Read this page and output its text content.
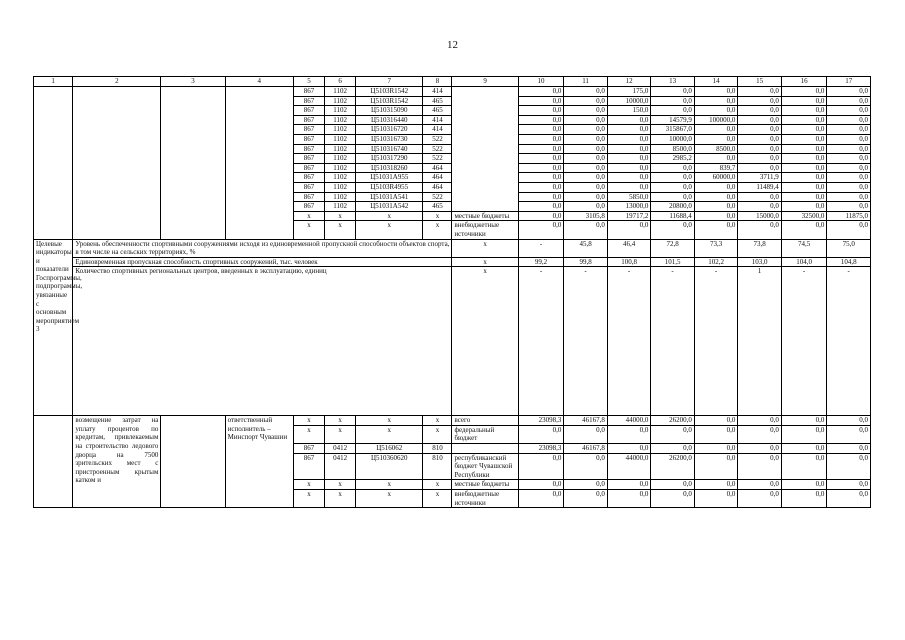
12
1	2	3	4	5	6	7	8	9	10	11	12	13	14	15	16	17
				867	1102	Ц5103R1542	414		0,0	0,0	175,0	0,0	0,0	0,0	0,0	0,0
				867	1102	Ц5103R1542	465		0,0	0,0	10000,0	0,0	0,0	0,0	0,0	0,0
				867	1102	Ц510315090	465		0,0	0,0	150,0	0,0	0,0	0,0	0,0	0,0
				867	1102	Ц510316440	414		0,0	0,0	0,0	14579,9	100000,0	0,0	0,0	0,0
				867	1102	Ц510316720	414		0,0	0,0	0,0	315867,0	0,0	0,0	0,0	0,0
				867	1102	Ц510316730	522		0,0	0,0	0,0	10000,0	0,0	0,0	0,0	0,0
				867	1102	Ц510316740	522		0,0	0,0	0,0	8500,0	8500,0	0,0	0,0	0,0
				867	1102	Ц510317290	522		0,0	0,0	0,0	2985,2	0,0	0,0	0,0	0,0
				867	1102	Ц510318260	464		0,0	0,0	0,0	0,0	839,7	0,0	0,0	0,0
				867	1102	Ц51031А955	464		0,0	0,0	0,0	0,0	60000,0	3711,9	0,0	0,0
				867	1102	Ц5103R4955	464		0,0	0,0	0,0	0,0	0,0	11489,4	0,0	0,0
				867	1102	Ц51031А541	522		0,0	0,0	5850,0	0,0	0,0	0,0	0,0	0,0
				867	1102	Ц51031А542	465		0,0	0,0	13000,0	20800,0	0,0	0,0	0,0	0,0
				х	х	х	х	местные бюджеты	0,0	3105,8	19717,2	11688,4	0,0	15000,0	32500,0	11875,0
				х	х	х	х	внебюджетные источники	0,0	0,0	0,0	0,0	0,0	0,0	0,0	0,0
Целевые индикаторы и показатели Госпрограммы, подпрограммы, увязанные с основным мероприятием 3	Уровень обеспеченности спортивными сооружениями исходя из единовременной пропускной способности объектов спорта, в том числе на сельских территориях, %							х	-	45,8	46,4	72,8	73,3	73,8	74,5	75,0
	Единовременная пропускная способность спортивных сооружений, тыс. человек							х	99,2	99,8	100,8	101,5	102,2	103,0	104,0	104,8
	Количество спортивных региональных центров, введенных в эксплуатацию, единиц							х	-	-	-	-	-	1	-	-
	возмещение затрат на уплату процентов по кредитам, привлекаемым на строительство ледового дворца на 7500 зрительских мест с пристроенным крытым катком и		ответственный исполнитель – Минспорт Чувашии	х	х	х	х	всего	23098,3	46167,8	44000,0	26200,0	0,0	0,0	0,0	0,0
				х	х	х	х	федеральный бюджет	0,0	0,0	0,0	0,0	0,0	0,0	0,0	0,0
				867	0412	Ц516062	810		23098,3	46167,8	0,0	0,0	0,0	0,0	0,0	0,0
				867	0412	Ц510360620	810	республиканский бюджет Чувашской Республики	0,0	0,0	44000,0	26200,0	0,0	0,0	0,0	0,0
				х	х	х	х	местные бюджеты	0,0	0,0	0,0	0,0	0,0	0,0	0,0	0,0
				х	х	х	х	внебюджетные источники	0,0	0,0	0,0	0,0	0,0	0,0	0,0	0,0
